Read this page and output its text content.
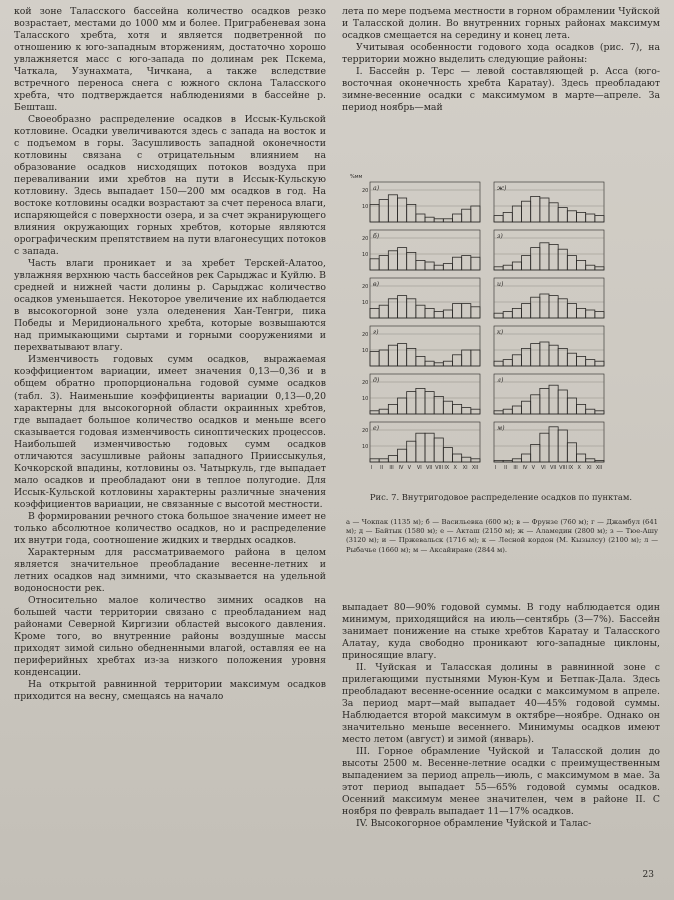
кой зоне Таласского бассейна количество осадков резко возрастает, местами до 1000 мм и более. Приграбеневая зона Таласского хребта, хотя и является подветренной по отношению к юго-западным вторжениям, достаточно хорошо увлажняется масс с юго-запада по долинам рек Пскема, Чаткала, Узунахмата, Чичкана, а также вследствие встречного переноса снега с южного склона Таласского хребта, что подтверждается наблюдениями в бассейне р. Бешташ.

Своеобразно распределение осадков в Иссык-Кульской котловине. Осадки увеличиваются здесь с запада на восток и с подъемом в горы. Засушливость западной оконечности котловины связана с отрицательным влиянием на образование осадков нисходящих потоков воздуха при переваливании ими хребтов на пути в Иссык-Кульскую котловину. Здесь выпадает 150—200 мм осадков в год. На востоке котловины осадки возрастают за счет переноса влаги, испаряющейся с поверхности озера, и за счет экранирующего влияния окружающих горных хребтов, которые являются орографическим препятствием на пути влагонесущих потоков с запада.

Часть влаги проникает и за хребет Терскей-Алатоо, увлажняя верхнюю часть бассейнов рек Сарыджас и Куйлю. В средней и нижней части долины р. Сарыджас количество осадков уменьшается. Некоторое увеличение их наблюдается в высокогорной зоне узла оледенения Хан-Тенгри, пика Победы и Меридионального хребта, которые возвышаются над примыкающими сыртами и горными сооружениями и перехватывают влагу.

Изменчивость годовых сумм осадков, выражаемая коэффициентом вариации, имеет значения 0,13—0,36 и в общем обратно пропорциональна годовой сумме осадков (табл. 3). Наименьшие коэффициенты вариации 0,13—0,20 характерны для высокогорной области окраинных хребтов, где выпадает большое количество осадков и меньше всего сказывается годовая изменчивость синоптических процессов. Наибольшей изменчивостью годовых сумм осадков отличаются засушливые районы западного Прииссыкулья, Кочкорской впадины, котловины оз. Чатыркуль, где выпадает мало осадков и преобладают они в теплое полугодие. Для Иссык-Кульской котловины характерны различные значения коэффициентов вариации, не связанные с высотой местности.

В формировании речного стока большое значение имеет не только абсолютное количество осадков, но и распределение их внутри года, соотношение жидких и твердых осадков.

Характерным для рассматриваемого района в целом является значительное преобладание весенне-летних и летних осадков над зимними, что сказывается на удельной водоносности рек.

Относительно малое количество зимних осадков на большей части территории связано с преобладанием над районами Северной Киргизии областей высокого давления. Кроме того, во внутренние районы воздушные массы приходят зимой сильно обедненными влагой, оставляя ее на периферийных хребтах из-за низкого положения уровня конденсации.

На открытой равнинной территории максимум осадков приходится на весну, смещаясь на начало

лета по мере подъема местности в горном обрамлении Чуйской и Таласской долин. Во внутренних горных районах максимум осадков смещается на середину и конец лета.

Учитывая особенности годового хода осадков (рис. 7), на территории можно выделить следующие районы:

I. Бассейн р. Терс — левой составляющей р. Асса (юго-восточная оконечность хребта Каратау). Здесь преобладают зимне-весенние осадки с максимумом в марте—апреле. За период ноябрь—май

%мм
10
20 а)
10
20 б)
10
20 в)
10
20 г)
10
20 д)
10
20 е)
I II III IV V VI VII VIII IX X XI XII
ж)
з)
и)
к)
л)
м)
I II III IV V VI VII VIII IX X XI XII
Рис. 7. Внутригодовое распределение осадков по пунктам.
а — Чокпак (1135 м); б — Васильевка (600 м); в — Фрунзе (760 м); г — Джамбул (641 м); д — Байтык (1580 м); е — Акташ (2150 м); ж — Аламедин (2800 м); з — Тюе-Ашу (3120 м); и — Пржевальск (1716 м); к — Лесной кордон (М. Кызылсу) (2100 м); л — Рыбачье (1660 м); м — Аксайиране (2844 м).

выпадает 80—90% годовой суммы. В году наблюдается один минимум, приходящийся на июль—сентябрь (3—7%). Бассейн занимает понижение на стыке хребтов Каратау и Таласского Алатау, куда свободно проникают юго-западные циклоны, приносящие влагу.

II. Чуйская и Таласская долины в равнинной зоне с прилегающими пустынями Муюн-Кум и Бетпак-Дала. Здесь преобладают весенне-осенние осадки с максимумом в апреле. За период март—май выпадает 40—45% годовой суммы. Наблюдается второй максимум в октябре—ноябре. Однако он значительно меньше весеннего. Минимумы осадков имеют место летом (август) и зимой (январь).

III. Горное обрамление Чуйской и Таласской долин до высоты 2500 м. Весенне-летние осадки с преимущественным выпадением за период апрель—июль, с максимумом в мае. За этот период выпадает 55—65% годовой суммы осадков. Осенний максимум менее значителен, чем в районе II. С ноября по февраль выпадает 11—17% осадков.

IV. Высокогорное обрамление Чуйской и Талас-

23
